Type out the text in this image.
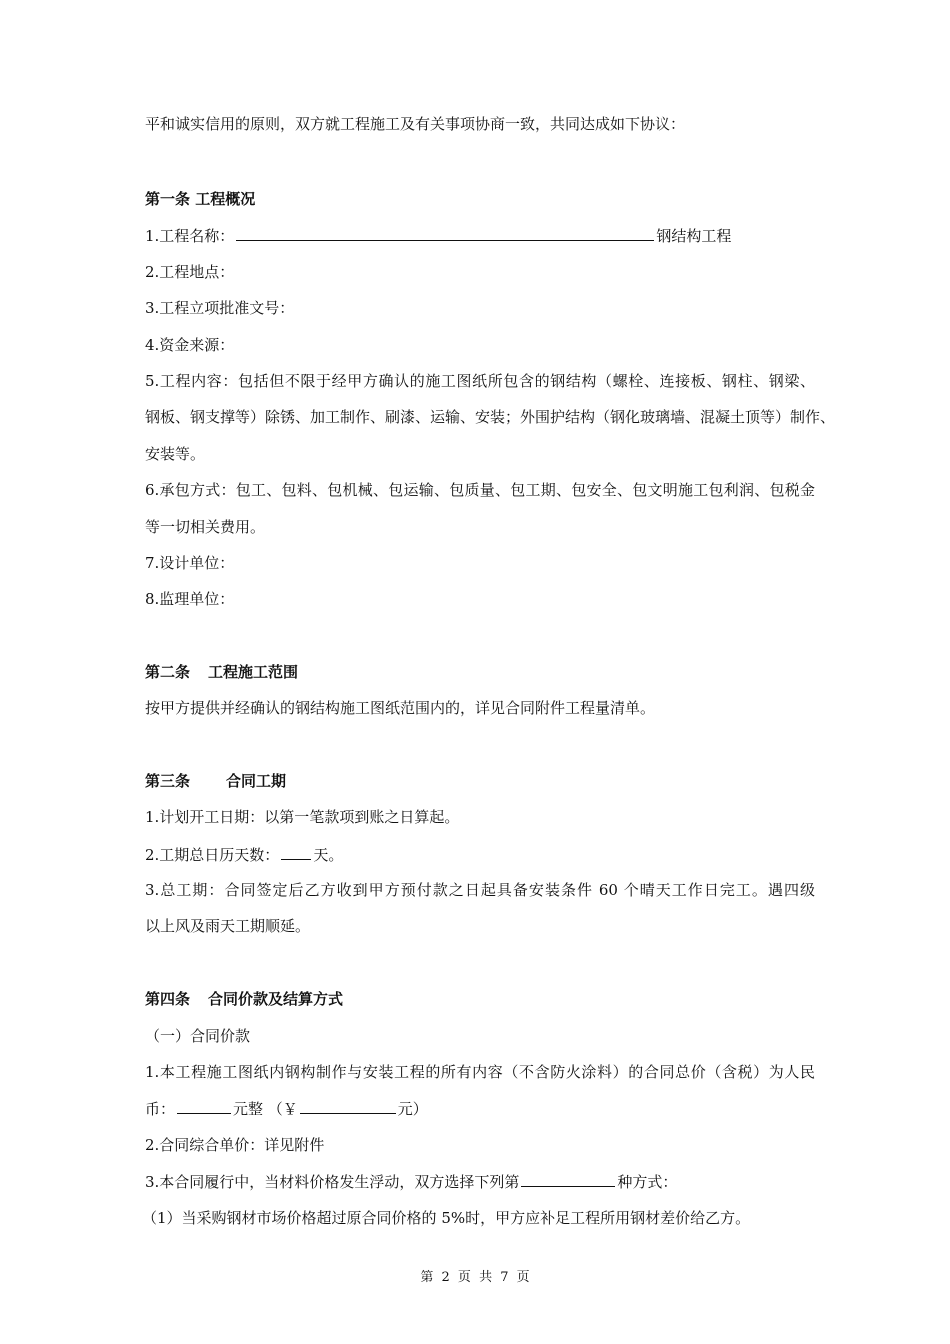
平和诚实信用的原则，双方就工程施工及有关事项协商一致，共同达成如下协议：
第一条 工程概况
1.工程名称：	钢结构工程
2.工程地点：
3.工程立项批准文号：
4.资金来源：
5.工程内容：包括但不限于经甲方确认的施工图纸所包含的钢结构（螺栓、连接板、钢柱、钢梁、
钢板、钢支撑等）除锈、加工制作、刷漆、运输、安装；外围护结构（钢化玻璃墙、混凝土顶等）制作、
安装等。
6.承包方式：包工、包料、包机械、包运输、包质量、包工期、包安全、包文明施工包利润、包税金
等一切相关费用。
7.设计单位：
8.监理单位：
第二条 工程施工范围
按甲方提供并经确认的钢结构施工图纸范围内的，详见合同附件工程量清单。
第三条 合同工期
1.计划开工日期：以第一笔款项到账之日算起。
2.工期总日历天数： 天。
3.总工期：合同签定后乙方收到甲方预付款之日起具备安装条件 60 个晴天工作日完工。遇四级
以上风及雨天工期顺延。
第四条 合同价款及结算方式
（一）合同价款
1.本工程施工图纸内钢构制作与安装工程的所有内容（不含防火涂料）的合同总价（含税）为人民
币：	元整 （￥	元）
2.合同综合单价：详见附件
3.本合同履行中，当材料价格发生浮动，双方选择下列第	种方式：
（1）当采购钢材市场价格超过原合同价格的 5%时，甲方应补足工程所用钢材差价给乙方。
第 2 页 共 7 页
